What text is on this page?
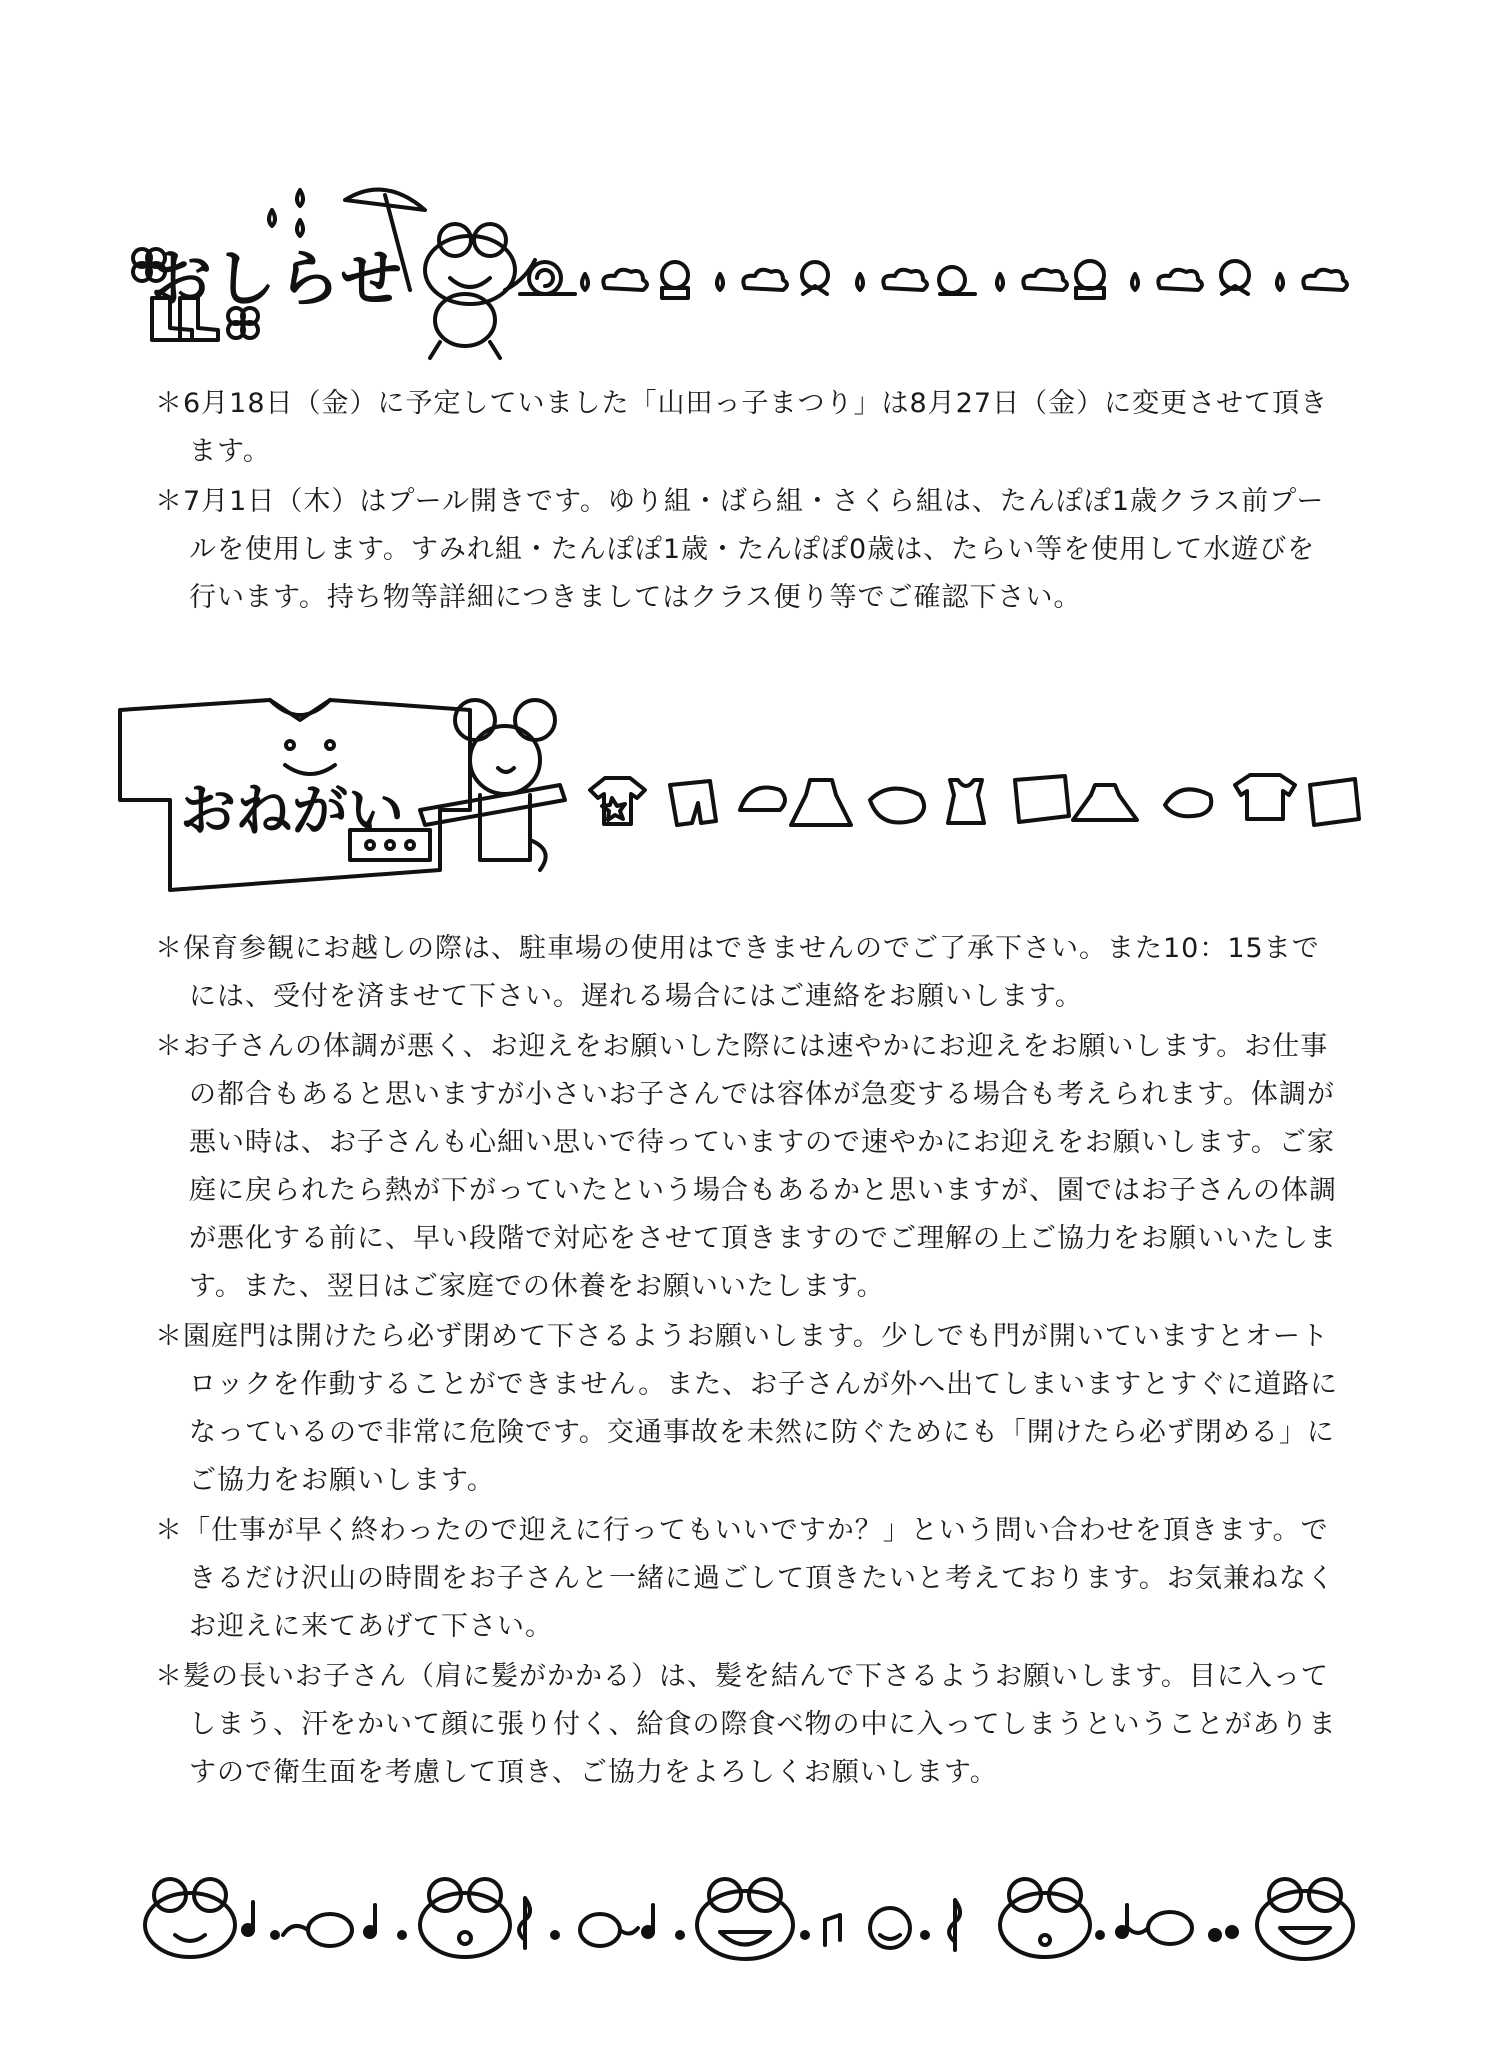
おしらせ

＊6月18日（金）に予定していました「山田っ子まつり」は8月27日（金）に変更させて頂きます。

＊7月1日（木）はプール開きです。ゆり組・ばら組・さくら組は、たんぽぽ1歳クラス前プールを使用します。すみれ組・たんぽぽ1歳・たんぽぽ0歳は、たらい等を使用して水遊びを行います。持ち物等詳細につきましてはクラス便り等でご確認下さい。

おねがい

＊保育参観にお越しの際は、駐車場の使用はできませんのでご了承下さい。また10：15までには、受付を済ませて下さい。遅れる場合にはご連絡をお願いします。

＊お子さんの体調が悪く、お迎えをお願いした際には速やかにお迎えをお願いします。お仕事の都合もあると思いますが小さいお子さんでは容体が急変する場合も考えられます。体調が悪い時は、お子さんも心細い思いで待っていますので速やかにお迎えをお願いします。ご家庭に戻られたら熱が下がっていたという場合もあるかと思いますが、園ではお子さんの体調が悪化する前に、早い段階で対応をさせて頂きますのでご理解の上ご協力をお願いいたします。また、翌日はご家庭での休養をお願いいたします。

＊園庭門は開けたら必ず閉めて下さるようお願いします。少しでも門が開いていますとオートロックを作動することができません。また、お子さんが外へ出てしまいますとすぐに道路になっているので非常に危険です。交通事故を未然に防ぐためにも「開けたら必ず閉める」にご協力をお願いします。

＊「仕事が早く終わったので迎えに行ってもいいですか？」という問い合わせを頂きます。できるだけ沢山の時間をお子さんと一緒に過ごして頂きたいと考えております。お気兼ねなくお迎えに来てあげて下さい。

＊髪の長いお子さん（肩に髪がかかる）は、髪を結んで下さるようお願いします。目に入ってしまう、汗をかいて顔に張り付く、給食の際食べ物の中に入ってしまうということがありますので衛生面を考慮して頂き、ご協力をよろしくお願いします。
